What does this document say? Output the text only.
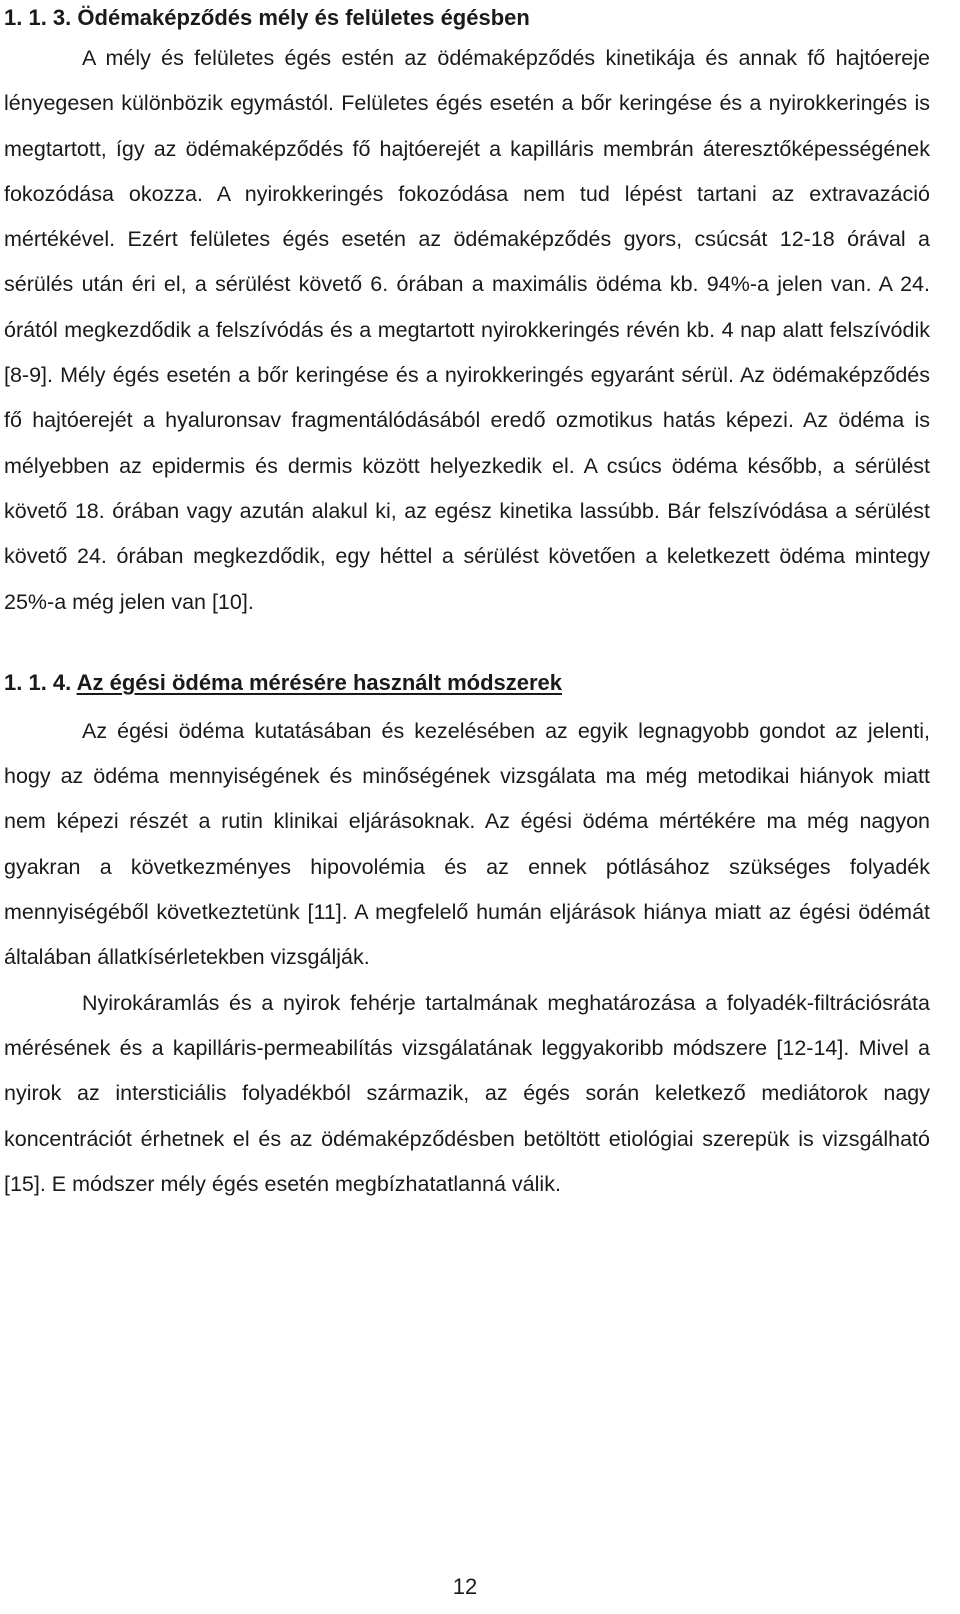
1. 1. 3. Ödémaképződés mély és felületes égésben

A mély és felületes égés estén az ödémaképződés kinetikája és annak fő hajtóereje lényegesen különbözik egymástól. Felületes égés esetén a bőr keringése és a nyirokkeringés is megtartott, így az ödémaképződés fő hajtóerejét a kapilláris membrán áteresztőképességének fokozódása okozza. A nyirokkeringés fokozódása nem tud lépést tartani az extravazáció mértékével. Ezért felületes égés esetén az ödémaképződés gyors, csúcsát 12-18 órával a sérülés után éri el, a sérülést követő 6. órában a maximális ödéma kb. 94%-a jelen van. A 24. órától megkezdődik a felszívódás és a megtartott nyirokkeringés révén kb. 4 nap alatt felszívódik [8-9]. Mély égés esetén a bőr keringése és a nyirokkeringés egyaránt sérül. Az ödémaképződés fő hajtóerejét a hyaluronsav fragmentálódásából eredő ozmotikus hatás képezi. Az ödéma is mélyebben az epidermis és dermis között helyezkedik el. A csúcs ödéma később, a sérülést követő 18. órában vagy azután alakul ki, az egész kinetika lassúbb. Bár felszívódása a sérülést követő 24. órában megkezdődik, egy héttel a sérülést követően a keletkezett ödéma mintegy 25%-a még jelen van [10].

1. 1. 4. Az égési ödéma mérésére használt módszerek

Az égési ödéma kutatásában és kezelésében az egyik legnagyobb gondot az jelenti, hogy az ödéma mennyiségének és minőségének vizsgálata ma még metodikai hiányok miatt nem képezi részét a rutin klinikai eljárásoknak. Az égési ödéma mértékére ma még nagyon gyakran a következményes hipovolémia és az ennek pótlásához szükséges folyadék mennyiségéből következtetünk [11]. A megfelelő humán eljárások hiánya miatt az égési ödémát általában állatkísérletekben vizsgálják.

Nyirokáramlás és a nyirok fehérje tartalmának meghatározása a folyadék-filtrációsráta mérésének és a kapilláris-permeabilítás vizsgálatának leggyakoribb módszere [12-14]. Mivel a nyirok az intersticiális folyadékból származik, az égés során keletkező mediátorok nagy koncentrációt érhetnek el és az ödémaképződésben betöltött etiológiai szerepük is vizsgálható [15]. E módszer mély égés esetén megbízhatatlanná válik.

12
